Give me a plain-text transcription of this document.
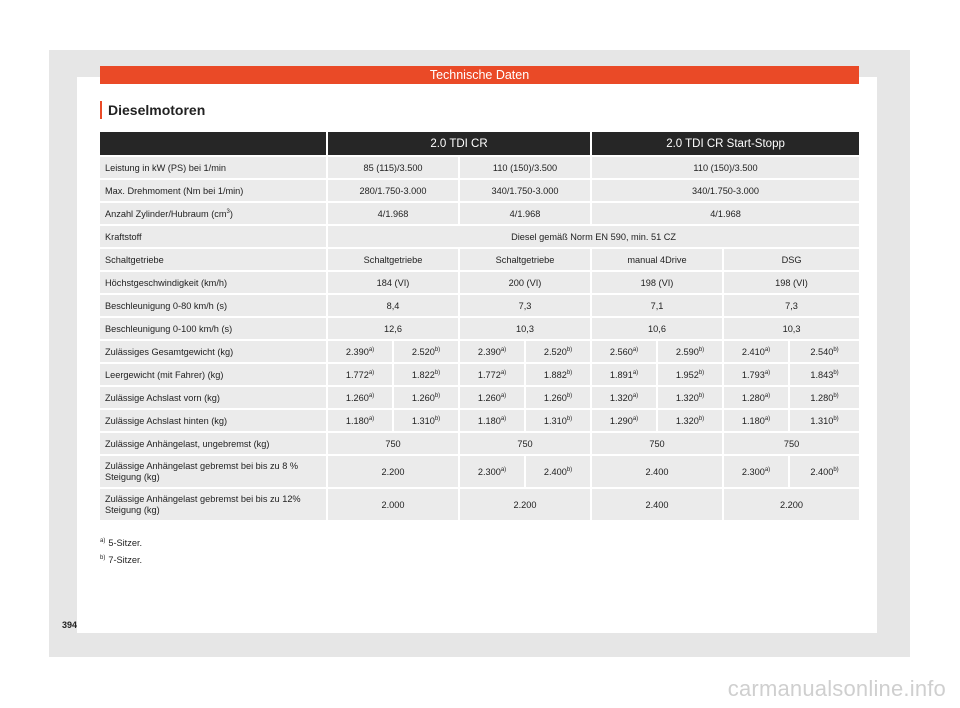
Technische Daten
Dieselmotoren
	2.0 TDI CR				2.0 TDI CR Start-Stopp			
Leistung in kW (PS) bei 1/min	85 (115)/3.500		110 (150)/3.500		110 (150)/3.500			
Max. Drehmoment (Nm bei 1/min)	280/1.750-3.000		340/1.750-3.000		340/1.750-3.000			
Anzahl Zylinder/Hubraum $(cm^3)$	4/1.968		4/1.968		4/1.968			
Kraftstoff	Diesel gemäß Norm EN 590, min. 51 CZ							
Schaltgetriebe	Schaltgetriebe		Schaltgetriebe		manual 4Drive		DSG	
Höchstgeschwindigkeit (km/h)	184 (VI)		200 (VI)		198 (VI)		198 (VI)	
Beschleunigung 0-80 km/h (s)	8,4		7,3		7,1		7,3	
Beschleunigung 0-100 km/h (s)	12,6		10,3		10,6		10,3	
Zulässiges Gesamtgewicht (kg)	2.390$^{a)}$	2.520$^{b)}$	2.390$^{a)}$	2.520$^{b)}$	2.560$^{a)}$	2.590$^{b)}$	2.410$^{a)}$	2.540$^{b)}$
Leergewicht (mit Fahrer) (kg)	1.772$^{a)}$	1.822$^{b)}$	1.772$^{a)}$	1.882$^{b)}$	1.891$^{a)}$	1.952$^{b)}$	1.793$^{a)}$	1.843$^{b)}$
Zulässige Achslast vorn (kg)	1.260$^{a)}$	1.260$^{b)}$	1.260$^{a)}$	1.260$^{b)}$	1.320$^{a)}$	1.320$^{b)}$	1.280$^{a)}$	1.280$^{b)}$
Zulässige Achslast hinten (kg)	1.180$^{a)}$	1.310$^{b)}$	1.180$^{a)}$	1.310$^{b)}$	1.290$^{a)}$	1.320$^{b)}$	1.180$^{a)}$	1.310$^{b)}$
Zulässige Anhängelast, ungebremst (kg)	750		750		750		750	
Zulässige Anhängelast gebremst bei bis zu 8 % Steigung (kg)	2.200		2.300$^{a)}$	2.400$^{b)}$	2.400		2.300$^{a)}$	2.400$^{b)}$
Zulässige Anhängelast gebremst bei bis zu 12% Steigung (kg)	2.000		2.200		2.400		2.200	
$^{a)}$ 5-Sitzer.
$^{b)}$ 7-Sitzer.
394
carmanualsonline.info
